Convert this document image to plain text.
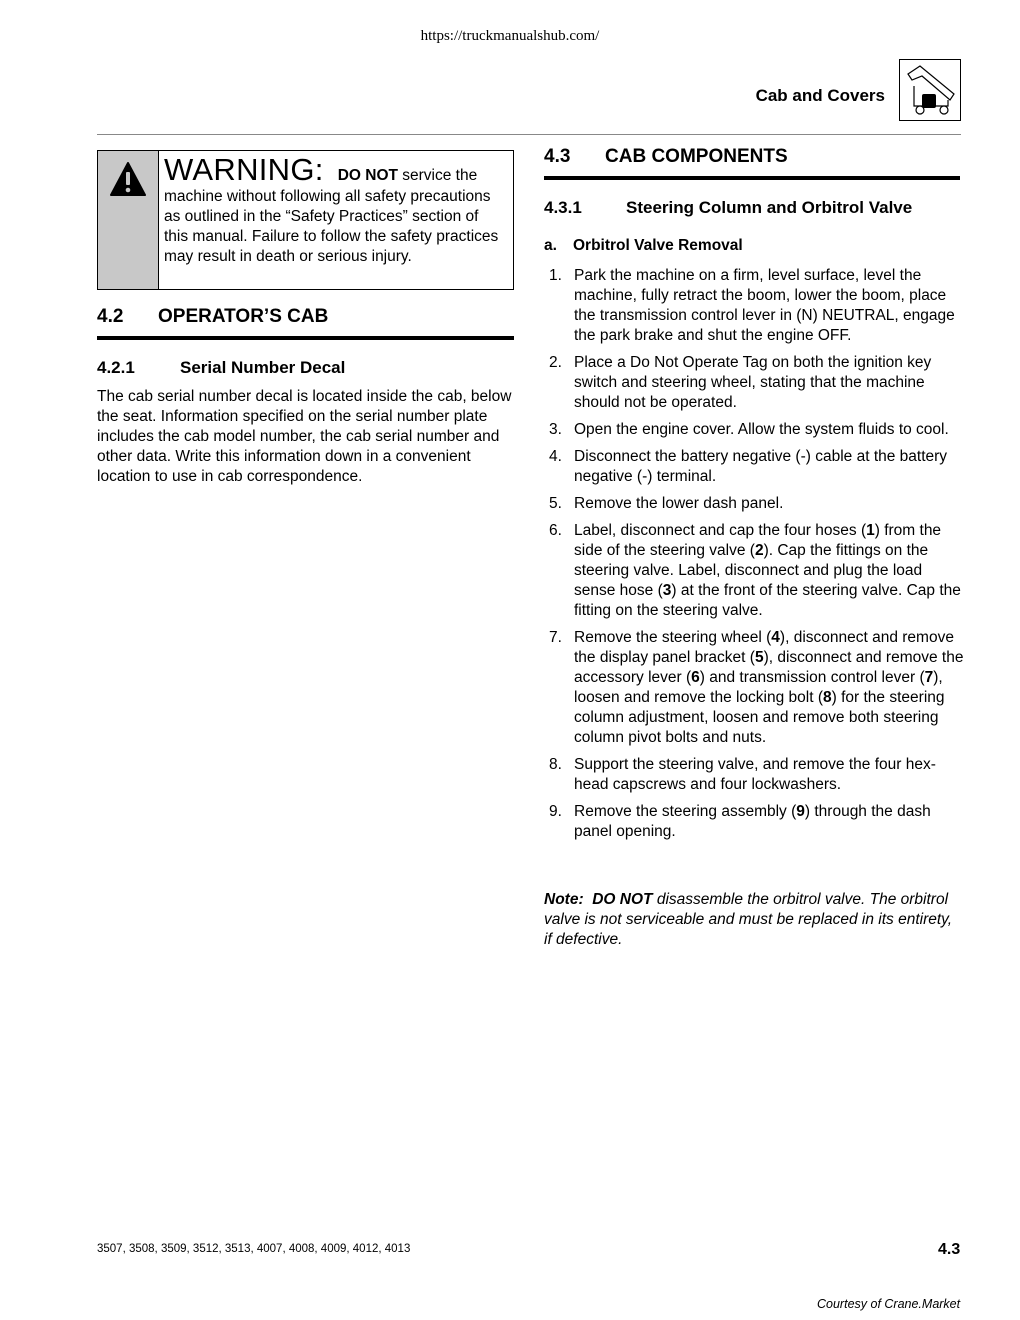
https://truckmanualshub.com/
Cab and Covers
WARNING: DO NOT service the machine without following all safety precautions as outlined in the “Safety Practices” section of this manual. Failure to follow the safety practices may result in death or serious injury.
4.2 OPERATOR’S CAB
4.2.1	Serial Number Decal

The cab serial number decal is located inside the cab, below the seat. Information specified on the serial number plate includes the cab model number, the cab serial number and other data. Write this information down in a convenient location to use in cab correspondence.

4.3 CAB COMPONENTS
4.3.1	Steering Column and Orbitrol Valve
a. Orbitrol Valve Removal
1. Park the machine on a firm, level surface, level the machine, fully retract the boom, lower the boom, place the transmission control lever in (N) NEUTRAL, engage the park brake and shut the engine OFF.
2. Place a Do Not Operate Tag on both the ignition key switch and steering wheel, stating that the machine should not be operated.
3. Open the engine cover. Allow the system fluids to cool.
4. Disconnect the battery negative (-) cable at the battery negative (-) terminal.
5. Remove the lower dash panel.
6. Label, disconnect and cap the four hoses (1) from the side of the steering valve (2). Cap the fittings on the steering valve. Label, disconnect and plug the load sense hose (3) at the front of the steering valve. Cap the fitting on the steering valve.
7. Remove the steering wheel (4), disconnect and remove the display panel bracket (5), disconnect and remove the accessory lever (6) and transmission control lever (7), loosen and remove the locking bolt (8) for the steering column adjustment, loosen and remove both steering column pivot bolts and nuts.
8. Support the steering valve, and remove the four hex-head capscrews and four lockwashers.
9. Remove the steering assembly (9) through the dash panel opening.

Note: DO NOT disassemble the orbitrol valve. The orbitrol valve is not serviceable and must be replaced in its entirety, if defective.

3507, 3508, 3509, 3512, 3513, 4007, 4008, 4009, 4012, 4013	4.3
Courtesy of Crane.Market
